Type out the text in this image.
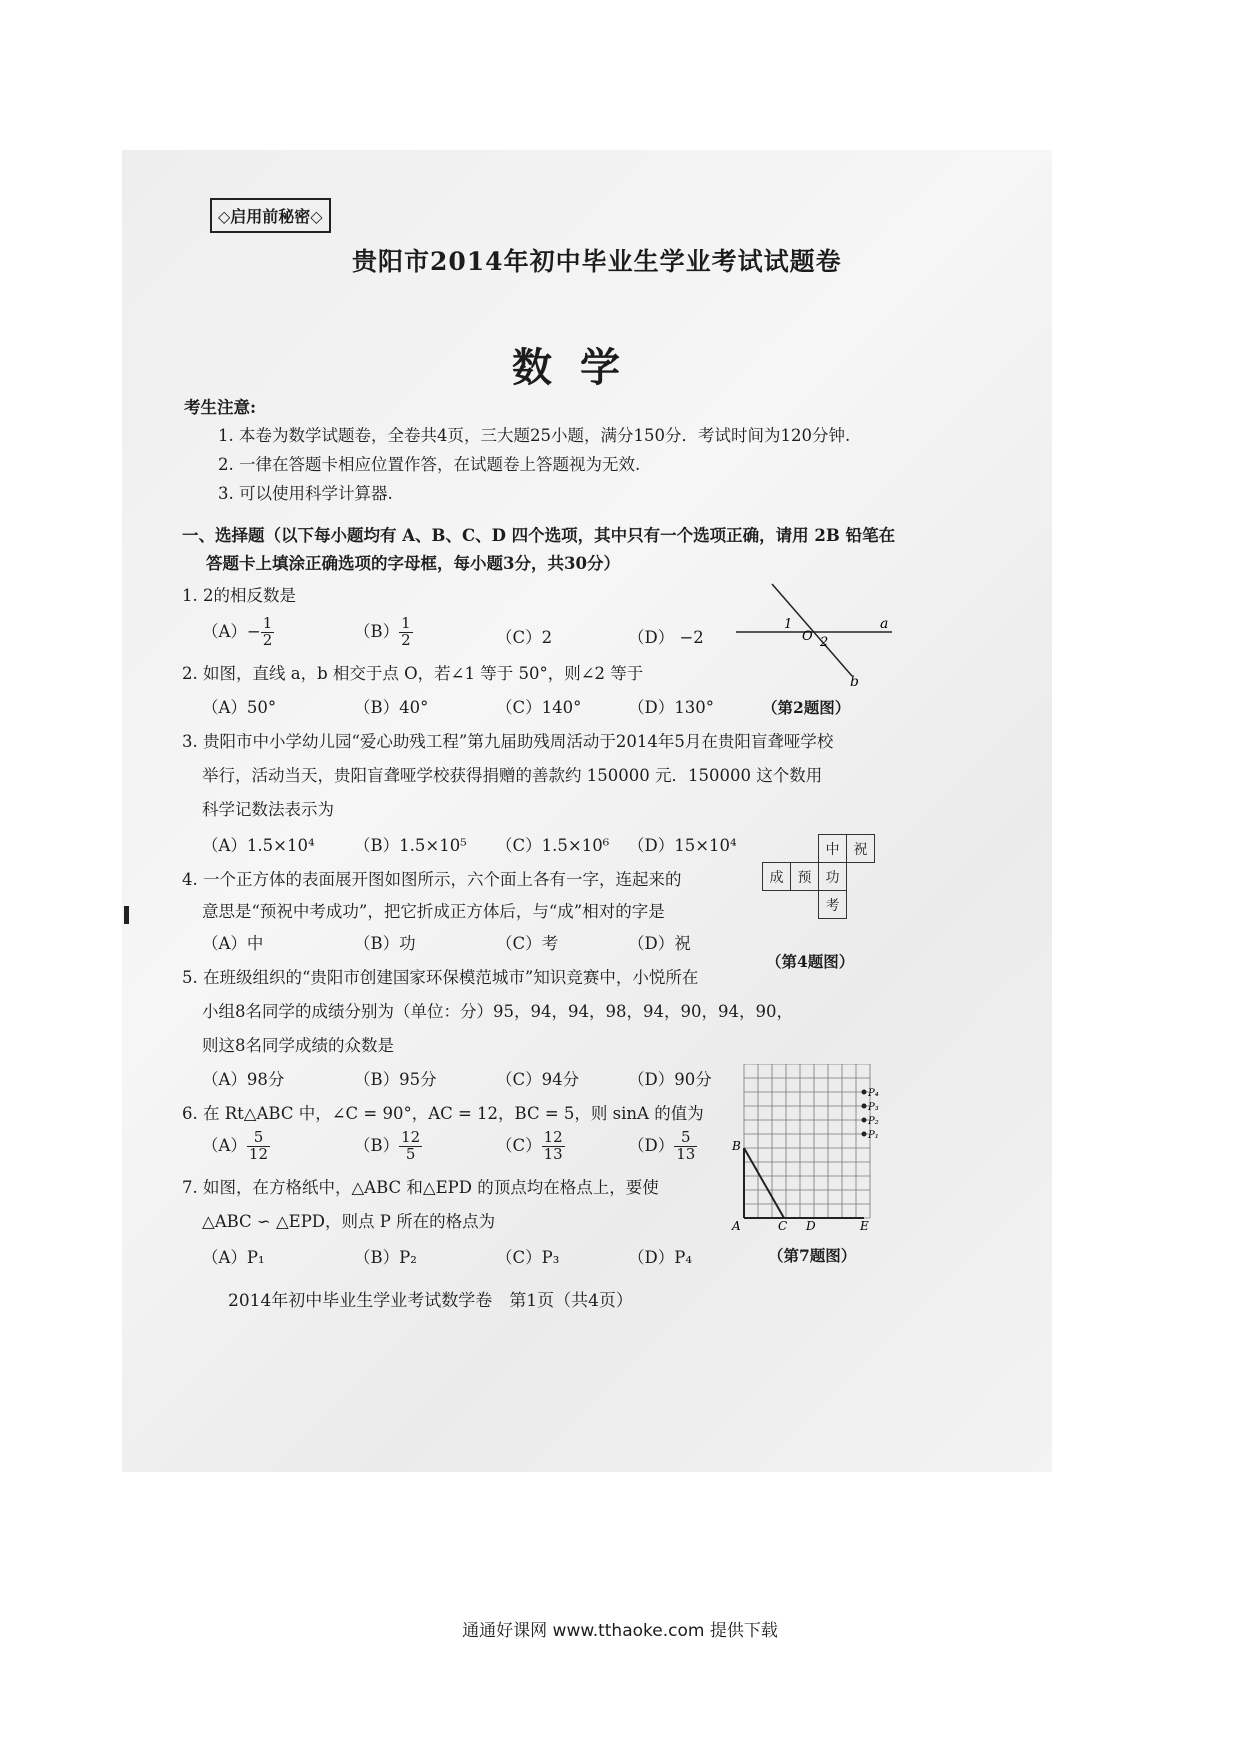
◇启用前秘密◇
贵阳市2014年初中毕业生学业考试试题卷
数学
考生注意:
1. 本卷为数学试题卷，全卷共4页，三大题25小题，满分150分．考试时间为120分钟.
2. 一律在答题卡相应位置作答，在试题卷上答题视为无效.
3. 可以使用科学计算器.
一、选择题（以下每小题均有 A、B、C、D 四个选项，其中只有一个选项正确，请用 2B 铅笔在
答题卡上填涂正确选项的字母框，每小题3分，共30分）
1. 2的相反数是
$(A)- \frac{1}{2}$	$(B) \frac{1}{2}$	（C）2	（D） −2
1
O 2
a
b
2. 如图，直线 a，b 相交于点 O，若∠1 等于 50°，则∠2 等于
（A）50°	（B）40°	（C）140°	（D）130°	（第2题图）
3. 贵阳市中小学幼儿园“爱心助残工程”第九届助残周活动于2014年5月在贵阳盲聋哑学校
举行，活动当天，贵阳盲聋哑学校获得捐赠的善款约 150000 元．150000 这个数用
科学记数法表示为
（A）1.5×10⁴ （B）1.5×10⁵ （C）1.5×10⁶ （D）15×10⁴
			中	祝
成	预	功	
		考	
4. 一个正方体的表面展开图如图所示，六个面上各有一字，连起来的
意思是“预祝中考成功”，把它折成正方体后，与“成”相对的字是
（A）中	（B）功	（C）考	（D）祝
（第4题图）
5. 在班级组织的“贵阳市创建国家环保模范城市”知识竞赛中，小悦所在
小组8名同学的成绩分别为（单位：分）95，94，94，98，94，90，94，90，
则这8名同学成绩的众数是
（A）98分	（B）95分	（C）94分	（D）90分
6. 在 Rt△ABC 中，∠C = 90°，AC = 12，BC = 5，则 sinA 的值为
$(A) \frac{5}{12}$	$(B) \frac{12}{5}$	$(C) \frac{12}{13}$	$(D) \frac{5}{13}$	B
A	C D	E
P₄
P₃
P₂
P₁
7. 如图，在方格纸中，△ABC 和△EPD 的顶点均在格点上，要使
△ABC ∽ △EPD，则点 P 所在的格点为
（A）P₁	（B）P₂	（C）P₃	（D）P₄	（第7题图）
2014年初中毕业生学业考试数学卷　第1页（共4页）
通通好课网 www.tthaoke.com 提供下载
